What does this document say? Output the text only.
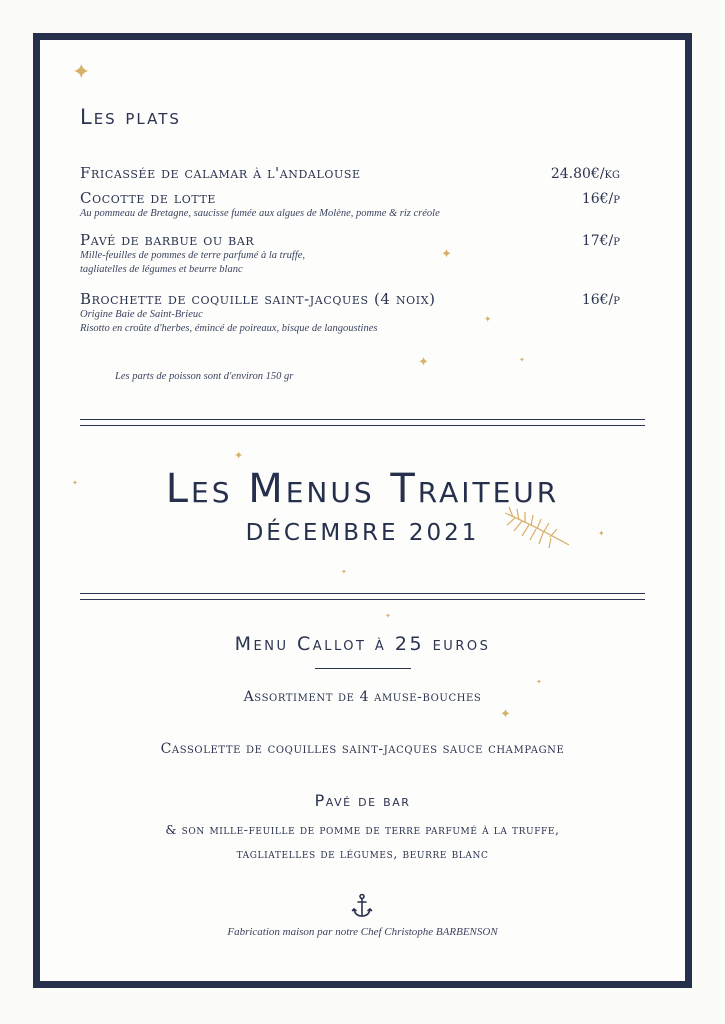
Les plats
Fricassée de calamar à l'andalouse	24.80€/kg
Cocotte de lotte	16€/p
Au pommeau de Bretagne, saucisse fumée aux algues de Molène, pomme & riz créole
Pavé de barbue ou bar	17€/p
Mille-feuilles de pommes de terre parfumé à la truffe,
tagliatelles de légumes et beurre blanc
Brochette de coquille saint-jacques (4 noix)	16€/p
Origine Baie de Saint-Brieuc
Risotto en croûte d'herbes, émincé de poireaux, bisque de langoustines
Les parts de poisson sont d'environ 150 gr
Les Menus Traiteur
DÉCEMBRE 2021
Menu Callot à 25 euros
Assortiment de 4 amuse-bouches
Cassolette de coquilles saint-jacques sauce champagne
Pavé de bar
& son mille-feuille de pomme de terre parfumé à la truffe,
tagliatelles de légumes, beurre blanc
Fabrication maison par notre Chef Christophe BARBENSON
✦
✦
✦
✦	✦
✦
✦
✦
✦
✦
✦
✦
